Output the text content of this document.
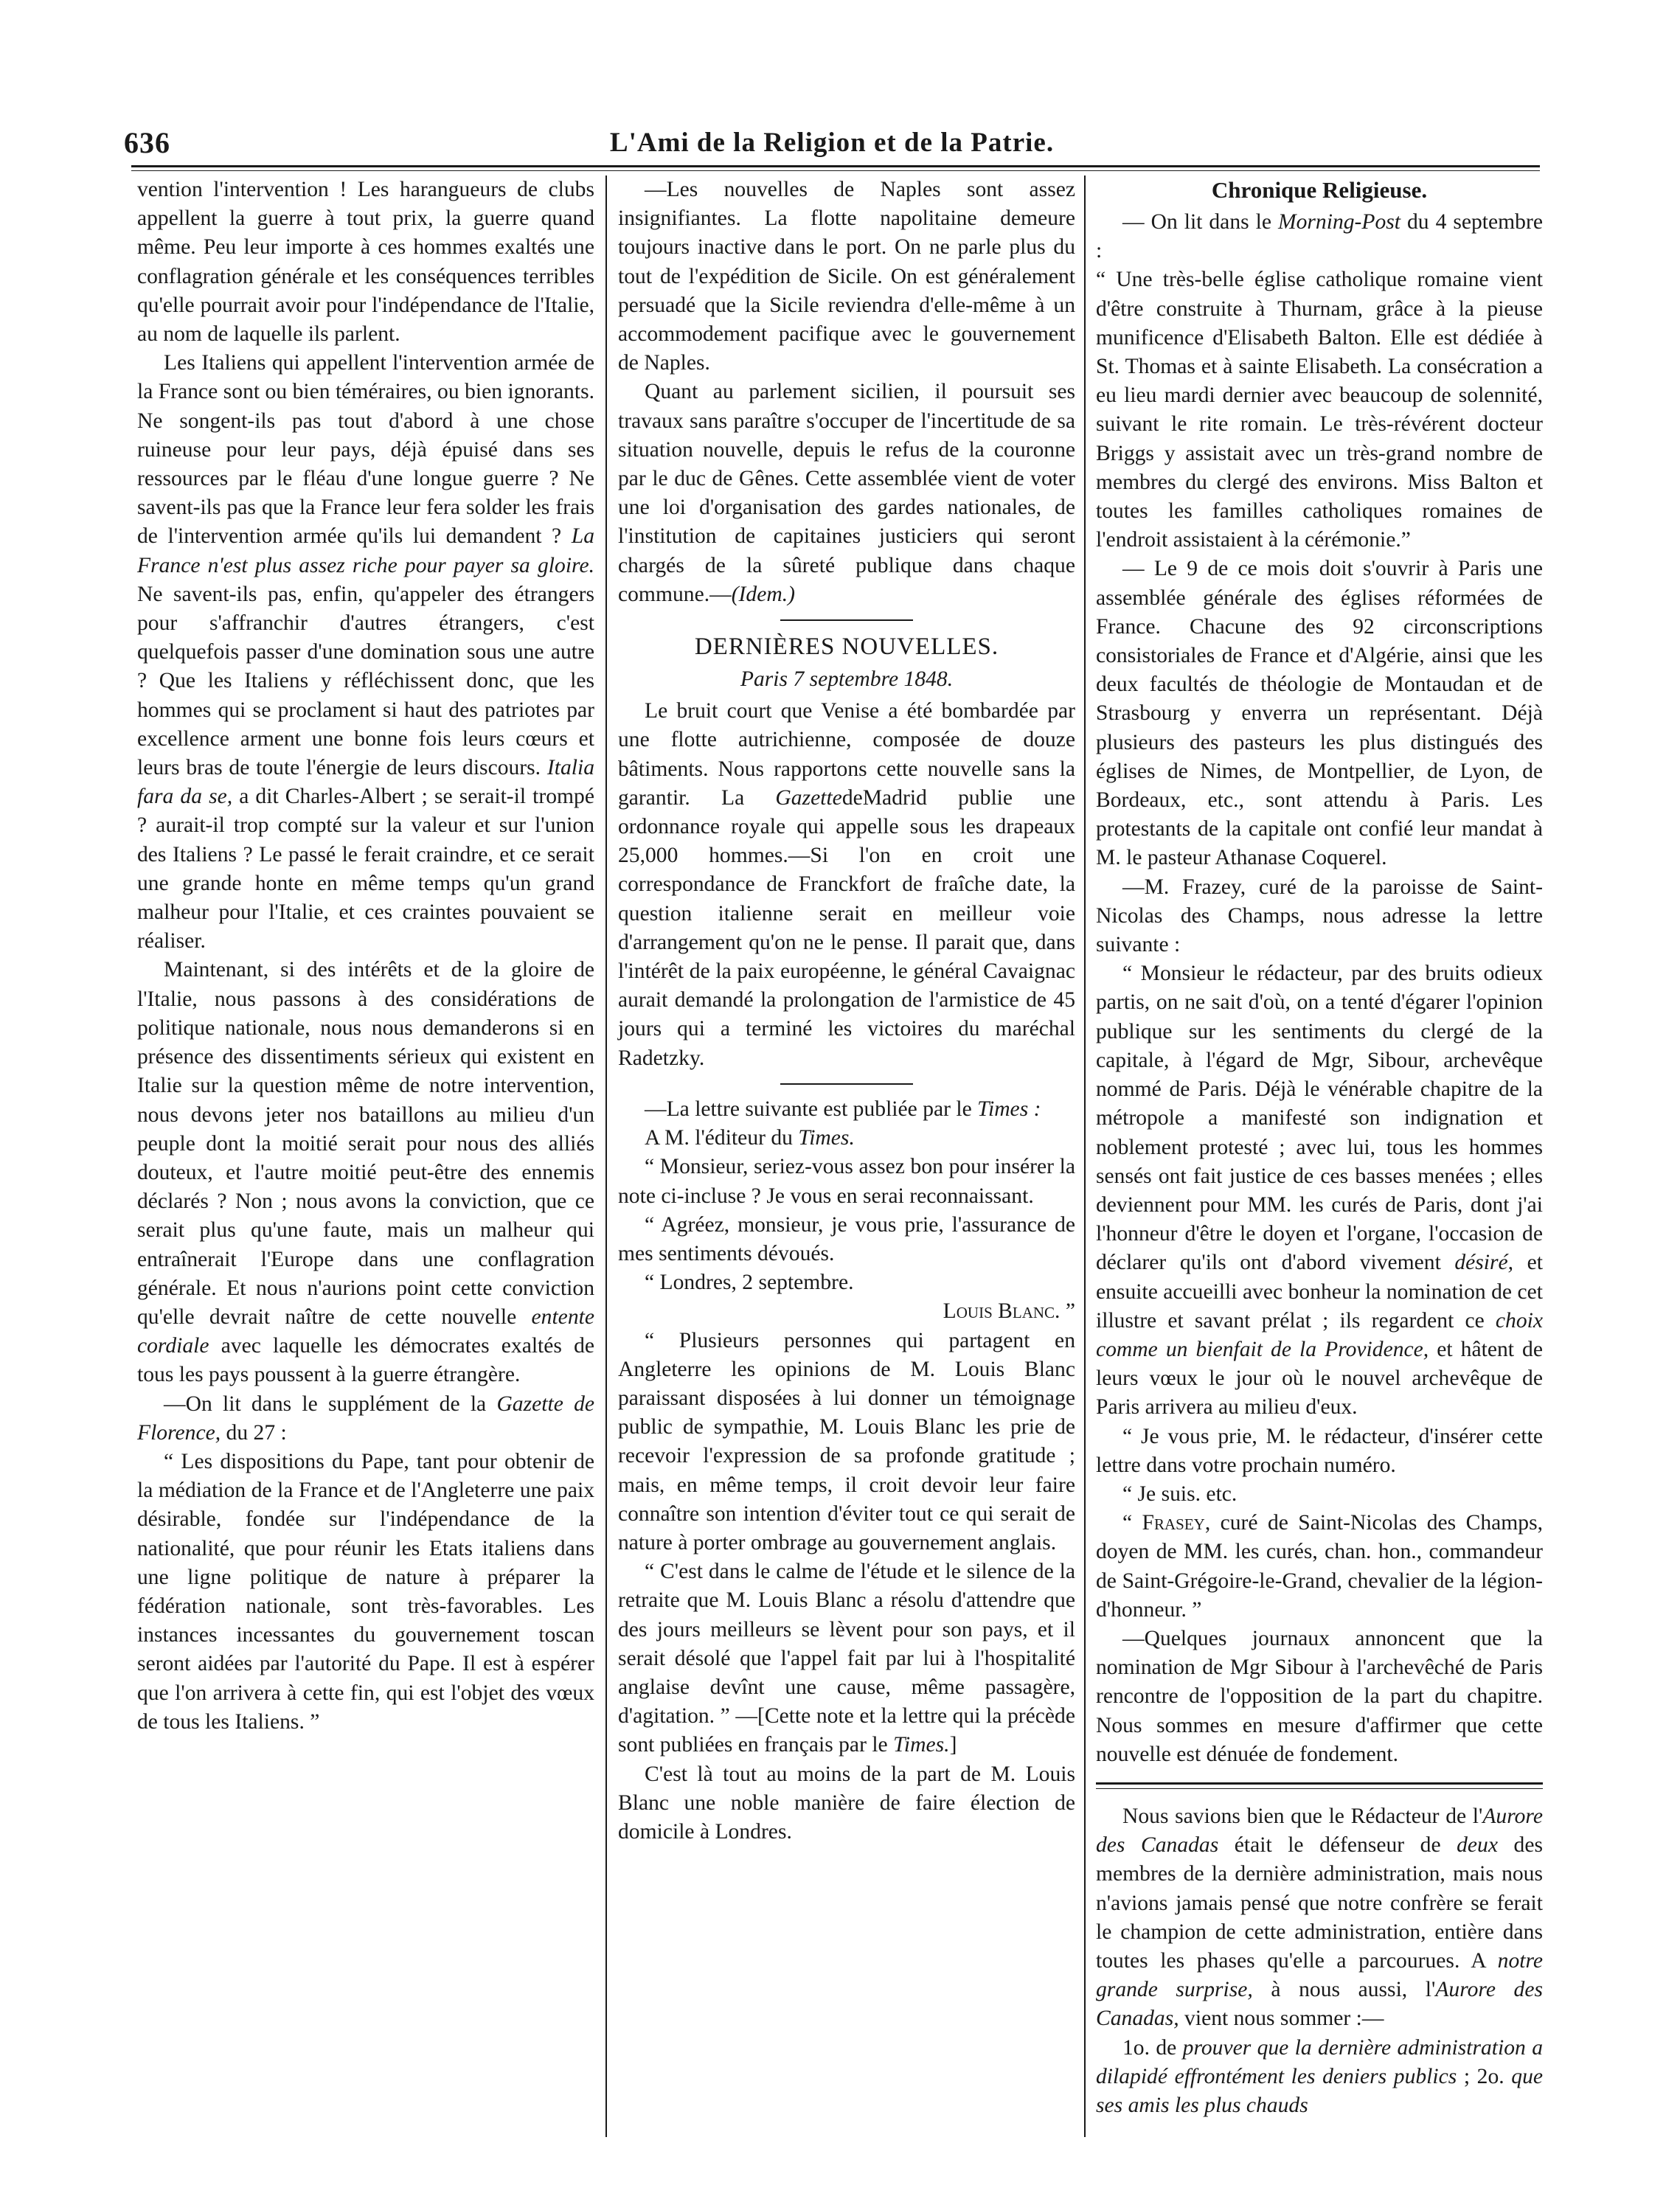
636	L'Ami de la Religion et de la Patrie.

vention l'intervention ! Les harangueurs de clubs appellent la guerre à tout prix, la guerre quand même. Peu leur importe à ces hommes exaltés une conflagration générale et les conséquences terribles qu'elle pourrait avoir pour l'indépendance de l'Italie, au nom de laquelle ils parlent.

Les Italiens qui appellent l'intervention armée de la France sont ou bien téméraires, ou bien ignorants. Ne songent-ils pas tout d'abord à une chose ruineuse pour leur pays, déjà épuisé dans ses ressources par le fléau d'une longue guerre ? Ne savent-ils pas que la France leur fera solder les frais de l'intervention armée qu'ils lui demandent ? La France n'est plus assez riche pour payer sa gloire. Ne savent-ils pas, enfin, qu'appeler des étrangers pour s'affranchir d'autres étrangers, c'est quelquefois passer d'une domination sous une autre ? Que les Italiens y réfléchissent donc, que les hommes qui se proclament si haut des patriotes par excellence arment une bonne fois leurs cœurs et leurs bras de toute l'énergie de leurs discours. Italia fara da se, a dit Charles-Albert ; se serait-il trompé ? aurait-il trop compté sur la valeur et sur l'union des Italiens ? Le passé le ferait craindre, et ce serait une grande honte en même temps qu'un grand malheur pour l'Italie, et ces craintes pouvaient se réaliser.

Maintenant, si des intérêts et de la gloire de l'Italie, nous passons à des considérations de politique nationale, nous nous demanderons si en présence des dissentiments sérieux qui existent en Italie sur la question même de notre intervention, nous devons jeter nos bataillons au milieu d'un peuple dont la moitié serait pour nous des alliés douteux, et l'autre moitié peut-être des ennemis déclarés ? Non ; nous avons la conviction, que ce serait plus qu'une faute, mais un malheur qui entraînerait l'Europe dans une conflagration générale. Et nous n'aurions point cette conviction qu'elle devrait naître de cette nouvelle entente cordiale avec laquelle les démocrates exaltés de tous les pays poussent à la guerre étrangère.

—On lit dans le supplément de la Gazette de Florence, du 27 :

“ Les dispositions du Pape, tant pour obtenir de la médiation de la France et de l'Angleterre une paix désirable, fondée sur l'indépendance de la nationalité, que pour réunir les Etats italiens dans une ligne politique de nature à préparer la fédération nationale, sont très-favorables. Les instances incessantes du gouvernement toscan seront aidées par l'autorité du Pape. Il est à espérer que l'on arrivera à cette fin, qui est l'objet des vœux de tous les Italiens. ”

—Les nouvelles de Naples sont assez insignifiantes. La flotte napolitaine demeure toujours inactive dans le port. On ne parle plus du tout de l'expédition de Sicile. On est généralement persuadé que la Sicile reviendra d'elle-même à un accommodement pacifique avec le gouvernement de Naples.

Quant au parlement sicilien, il poursuit ses travaux sans paraître s'occuper de l'incertitude de sa situation nouvelle, depuis le refus de la couronne par le duc de Gênes. Cette assemblée vient de voter une loi d'organisation des gardes nationales, de l'institution de capitaines justiciers qui seront chargés de la sûreté publique dans chaque commune.—(Idem.)

DERNIÈRES NOUVELLES.
Paris 7 septembre 1848.

Le bruit court que Venise a été bombardée par une flotte autrichienne, composée de douze bâtiments. Nous rapportons cette nouvelle sans la garantir. La GazettedeMadrid publie une ordonnance royale qui appelle sous les drapeaux 25,000 hommes.—Si l'on en croit une correspondance de Franckfort de fraîche date, la question italienne serait en meilleur voie d'arrangement qu'on ne le pense. Il parait que, dans l'intérêt de la paix européenne, le général Cavaignac aurait demandé la prolongation de l'armistice de 45 jours qui a terminé les victoires du maréchal Radetzky.

—La lettre suivante est publiée par le Times :

A M. l'éditeur du Times.

“ Monsieur, seriez-vous assez bon pour insérer la note ci-incluse ? Je vous en serai reconnaissant.

“ Agréez, monsieur, je vous prie, l'assurance de mes sentiments dévoués.

“ Londres, 2 septembre.

Louis Blanc. ”

“ Plusieurs personnes qui partagent en Angleterre les opinions de M. Louis Blanc paraissant disposées à lui donner un témoignage public de sympathie, M. Louis Blanc les prie de recevoir l'expression de sa profonde gratitude ; mais, en même temps, il croit devoir leur faire connaître son intention d'éviter tout ce qui serait de nature à porter ombrage au gouvernement anglais.

“ C'est dans le calme de l'étude et le silence de la retraite que M. Louis Blanc a résolu d'attendre que des jours meilleurs se lèvent pour son pays, et il serait désolé que l'appel fait par lui à l'hospitalité anglaise devînt une cause, même passagère, d'agitation. ” —[Cette note et la lettre qui la précède sont publiées en français par le Times.]

C'est là tout au moins de la part de M. Louis Blanc une noble manière de faire élection de domicile à Londres.

Chronique Religieuse.

— On lit dans le Morning-Post du 4 septembre :

“ Une très-belle église catholique romaine vient d'être construite à Thurnam, grâce à la pieuse munificence d'Elisabeth Balton. Elle est dédiée à St. Thomas et à sainte Elisabeth. La consécration a eu lieu mardi dernier avec beaucoup de solennité, suivant le rite romain. Le très-révérent docteur Briggs y assistait avec un très-grand nombre de membres du clergé des environs. Miss Balton et toutes les familles catholiques romaines de l'endroit assistaient à la cérémonie.”

— Le 9 de ce mois doit s'ouvrir à Paris une assemblée générale des églises réformées de France. Chacune des 92 circonscriptions consistoriales de France et d'Algérie, ainsi que les deux facultés de théologie de Montaudan et de Strasbourg y enverra un représentant. Déjà plusieurs des pasteurs les plus distingués des églises de Nimes, de Montpellier, de Lyon, de Bordeaux, etc., sont attendu à Paris. Les protestants de la capitale ont confié leur mandat à M. le pasteur Athanase Coquerel.

—M. Frazey, curé de la paroisse de Saint-Nicolas des Champs, nous adresse la lettre suivante :

“ Monsieur le rédacteur, par des bruits odieux partis, on ne sait d'où, on a tenté d'égarer l'opinion publique sur les sentiments du clergé de la capitale, à l'égard de Mgr, Sibour, archevêque nommé de Paris. Déjà le vénérable chapitre de la métropole a manifesté son indignation et noblement protesté ; avec lui, tous les hommes sensés ont fait justice de ces basses menées ; elles deviennent pour MM. les curés de Paris, dont j'ai l'honneur d'être le doyen et l'organe, l'occasion de déclarer qu'ils ont d'abord vivement désiré, et ensuite accueilli avec bonheur la nomination de cet illustre et savant prélat ; ils regardent ce choix comme un bienfait de la Providence, et hâtent de leurs vœux le jour où le nouvel archevêque de Paris arrivera au milieu d'eux.

“ Je vous prie, M. le rédacteur, d'insérer cette lettre dans votre prochain numéro.

“ Je suis. etc.

“ Frasey, curé de Saint-Nicolas des Champs, doyen de MM. les curés, chan. hon., commandeur de Saint-Grégoire-le-Grand, chevalier de la légion-d'honneur. ”

—Quelques journaux annoncent que la nomination de Mgr Sibour à l'archevêché de Paris rencontre de l'opposition de la part du chapitre. Nous sommes en mesure d'affirmer que cette nouvelle est dénuée de fondement.

Nous savions bien que le Rédacteur de l'Aurore des Canadas était le défenseur de deux des membres de la dernière administration, mais nous n'avions jamais pensé que notre confrère se ferait le champion de cette administration, entière dans toutes les phases qu'elle a parcourues. A notre grande surprise, à nous aussi, l'Aurore des Canadas, vient nous sommer :—

1o. de prouver que la dernière administration a dilapidé effrontément les deniers publics ; 2o. que ses amis les plus chauds
